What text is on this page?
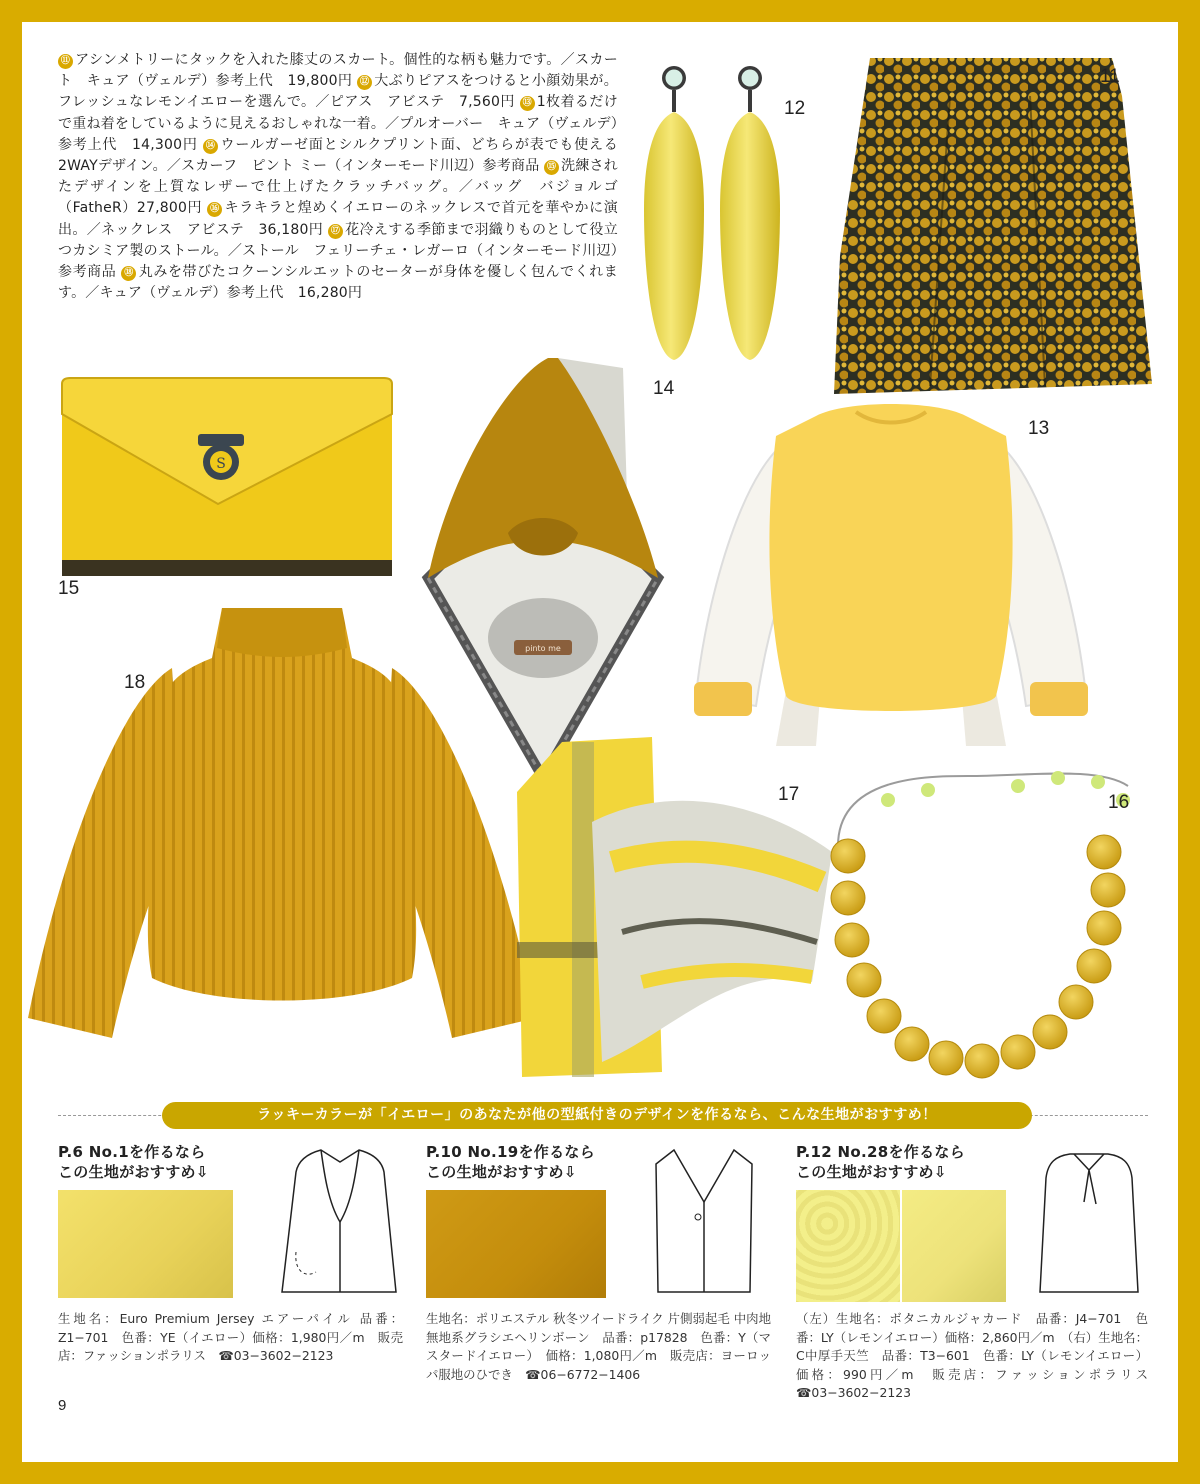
⑪ アシンメトリーにタックを入れた膝丈のスカート。個性的な柄も魅力です。／スカート　キュア（ヴェルデ）参考上代　19,800円 ⑫ 大ぶりピアスをつけると小顔効果が。フレッシュなレモンイエローを選んで。／ピアス　アビステ　7,560円 ⑬ 1枚着るだけで重ね着をしているように見えるおしゃれな一着。／プルオーバー　キュア（ヴェルデ）参考上代　14,300円 ⑭ ウールガーゼ面とシルクプリント面、どちらが表でも使える2WAYデザイン。／スカーフ　ピント ミー（インターモード川辺）参考商品 ⑮ 洗練されたデザインを上質なレザーで仕上げたクラッチバッグ。／バッグ　バジョルゴ（FatheR）27,800円 ⑯ キラキラと煌めくイエローのネックレスで首元を華やかに演出。／ネックレス　アビステ　36,180円 ⑰ 花冷えする季節まで羽織りものとして役立つカシミア製のストール。／ストール　フェリーチェ・レガーロ（インターモード川辺）参考商品 ⑱ 丸みを帯びたコクーンシルエットのセーターが身体を優しく包んでくれます。／キュア（ヴェルデ）参考上代　16,280円
12
11
S
15
pinto me
14
13
18
17	16
ラッキーカラーが「イエロー」のあなたが他の型紙付きのデザインを作るなら、こんな生地がおすすめ！
P.6 No.1を作るなら
この生地がおすすめ⇩
生地名：Euro Premium Jersey エアーパイル 品番：Z1−701　色番：YE（イエロー）価格：1,980円／m　販売店：ファッションポラリス　☎03−3602−2123
P.10 No.19を作るなら
この生地がおすすめ⇩
生地名：ポリエステル 秋冬ツイードライク 片側弱起毛 中肉地 無地系グラシエヘリンボーン　品番：p17828　色番：Y（マスタードイエロー）　価格：1,080円／m　販売店：ヨーロッパ服地のひでき　☎06−6772−1406
P.12 No.28を作るなら
この生地がおすすめ⇩
（左）生地名：ボタニカルジャカード　品番：J4−701　色番：LY（レモンイエロー）価格：2,860円／m　（右）生地名：C中厚手天竺　品番：T3−601　色番：LY（レモンイエロー）価格：990円／m　販売店：ファッションポラリス　☎03−3602−2123
9
